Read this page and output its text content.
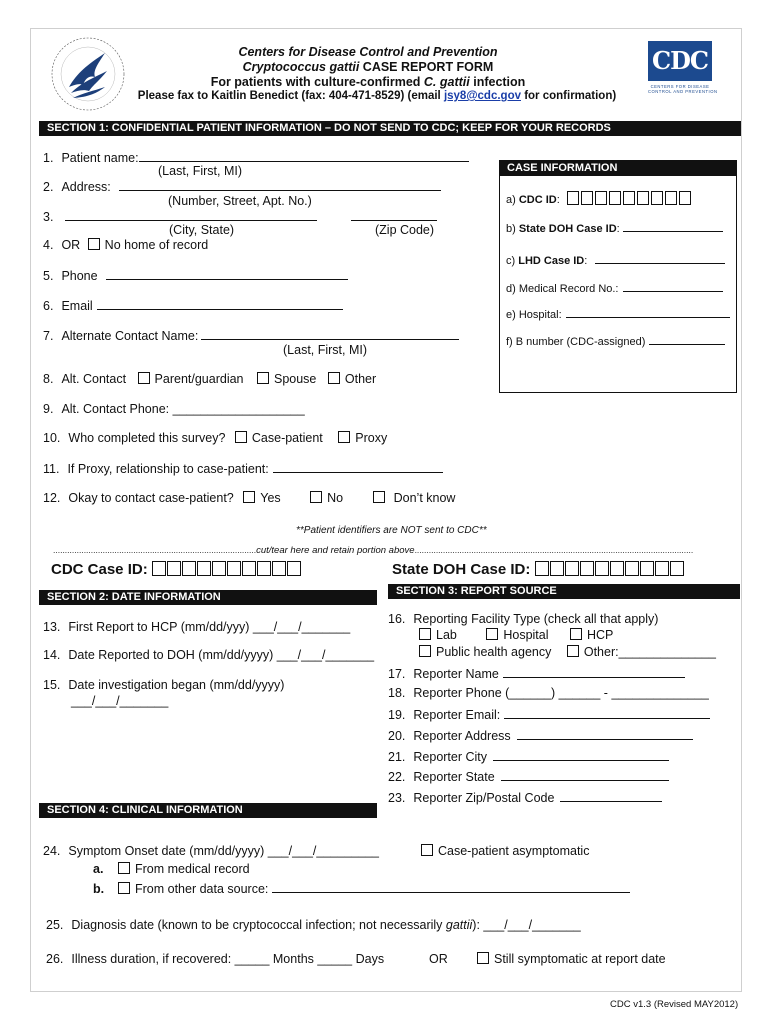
Centers for Disease Control and Prevention
Cryptococcus gattii CASE REPORT FORM
For patients with culture-confirmed C. gattii infection
Please fax to Kaitlin Benedict (fax: 404-471-8529) (email jsy8@cdc.gov for confirmation)
CDC
CENTERS FOR DISEASE
CONTROL AND PREVENTION
SECTION 1: CONFIDENTIAL PATIENT INFORMATION – DO NOT SEND TO CDC; KEEP FOR YOUR RECORDS
1. Patient name:
(Last, First, MI)
2. Address:
(Number, Street, Apt. No.)
3.
(City, State)	(Zip Code)
4. OR No home of record
5. Phone
6. Email
7. Alternate Contact Name:
(Last, First, MI)
8. Alt. Contact Parent/guardian Spouse Other
9. Alt. Contact Phone: ___________________
10. Who completed this survey? Case-patient	Proxy
11. If Proxy, relationship to case-patient:
12. Okay to contact case-patient? Yes	No	Don’t know
**Patient identifiers are NOT sent to CDC**
......................................................................................cut/tear here and retain portion above......................................................................................................................
CASE INFORMATION
a) CDC ID:
b) State DOH Case ID:
c) LHD Case ID:
d) Medical Record No.:
e) Hospital:
f) B number (CDC-assigned)
CDC Case ID:	State DOH Case ID:
SECTION 2: DATE INFORMATION
13. First Report to HCP (mm/dd/yyy) ___/___/_______
14. Date Reported to DOH (mm/dd/yyyy) ___/___/_______
15. Date investigation began (mm/dd/yyyy)
___/___/_______
SECTION 3: REPORT SOURCE
16. Reporting Facility Type (check all that apply)
Lab	Hospital	HCP
Public health agency	Other:______________
17. Reporter Name
18. Reporter Phone (______) ______ - ______________
19. Reporter Email:
20. Reporter Address
21. Reporter City
22. Reporter State
23. Reporter Zip/Postal Code
SECTION 4: CLINICAL INFORMATION
24. Symptom Onset date (mm/dd/yyyy) ___/___/_________	Case-patient asymptomatic
a.	From medical record
b. From other data source:
25. Diagnosis date (known to be cryptococcal infection; not necessarily gattii): ___/___/_______
26. Illness duration, if recovered: _____ Months _____ Days	OR	Still symptomatic at report date
CDC v1.3 (Revised MAY2012)
